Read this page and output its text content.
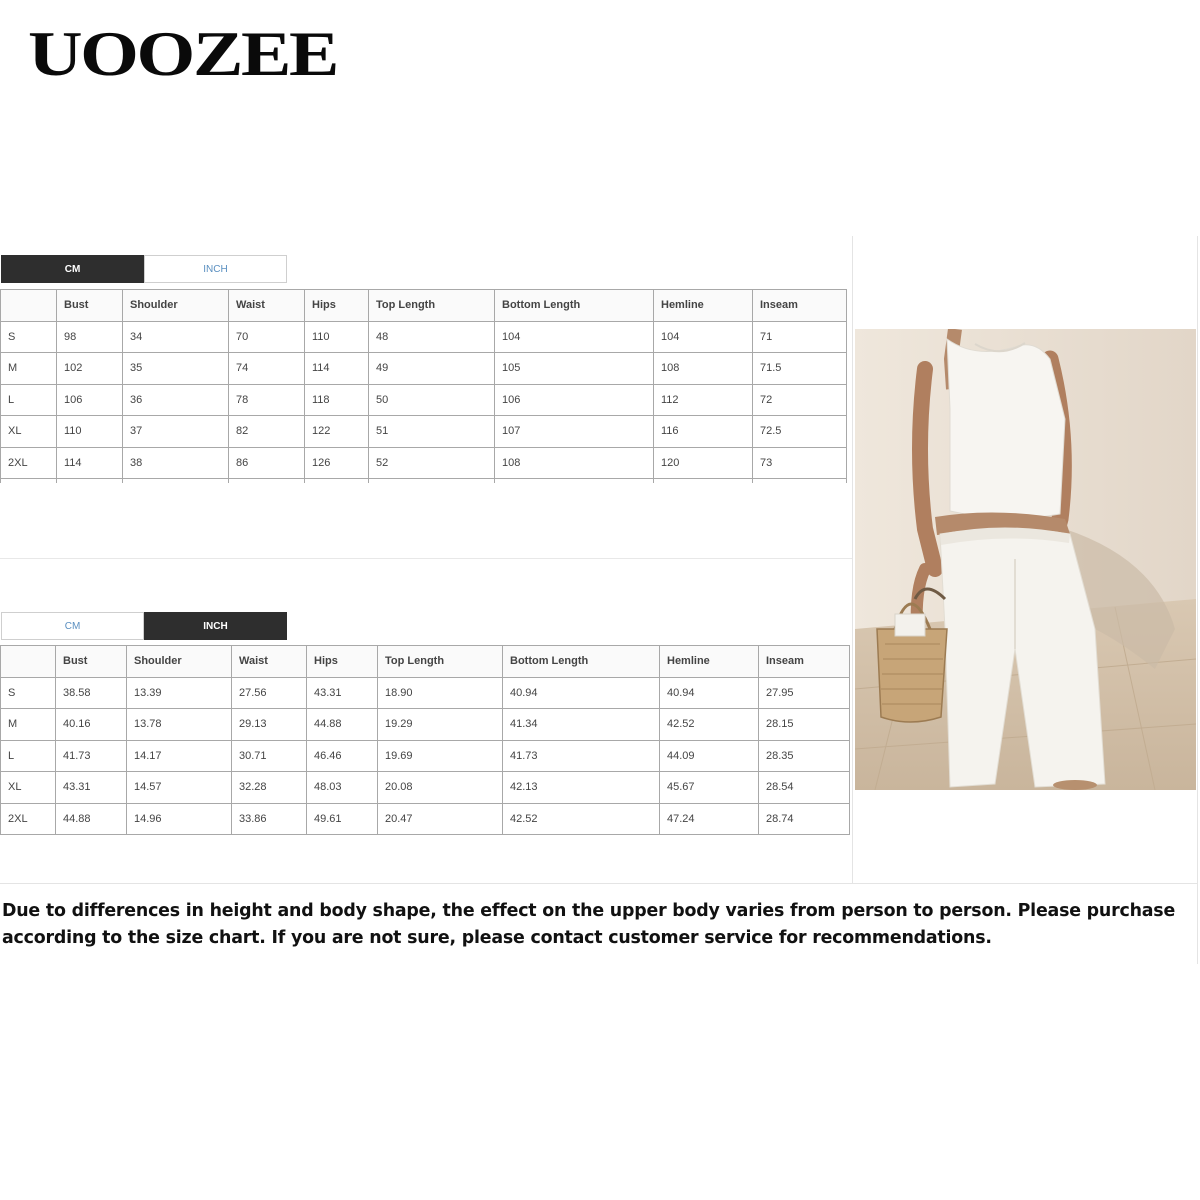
UOOZEE
CM	INCH
	Bust	Shoulder	Waist	Hips	Top Length	Bottom Length	Hemline	Inseam
S	98	34	70	110	48	104	104	71
M	102	35	74	114	49	105	108	71.5
L	106	36	78	118	50	106	112	72
XL	110	37	82	122	51	107	116	72.5
2XL	114	38	86	126	52	108	120	73

CM	INCH
	Bust	Shoulder	Waist	Hips	Top Length	Bottom Length	Hemline	Inseam
S	38.58	13.39	27.56	43.31	18.90	40.94	40.94	27.95
M	40.16	13.78	29.13	44.88	19.29	41.34	42.52	28.15
L	41.73	14.17	30.71	46.46	19.69	41.73	44.09	28.35
XL	43.31	14.57	32.28	48.03	20.08	42.13	45.67	28.54
2XL	44.88	14.96	33.86	49.61	20.47	42.52	47.24	28.74
Due to differences in height and body shape, the effect on the upper body varies from person to person. Please purchase
according to the size chart. If you are not sure, please contact customer service for recommendations.
